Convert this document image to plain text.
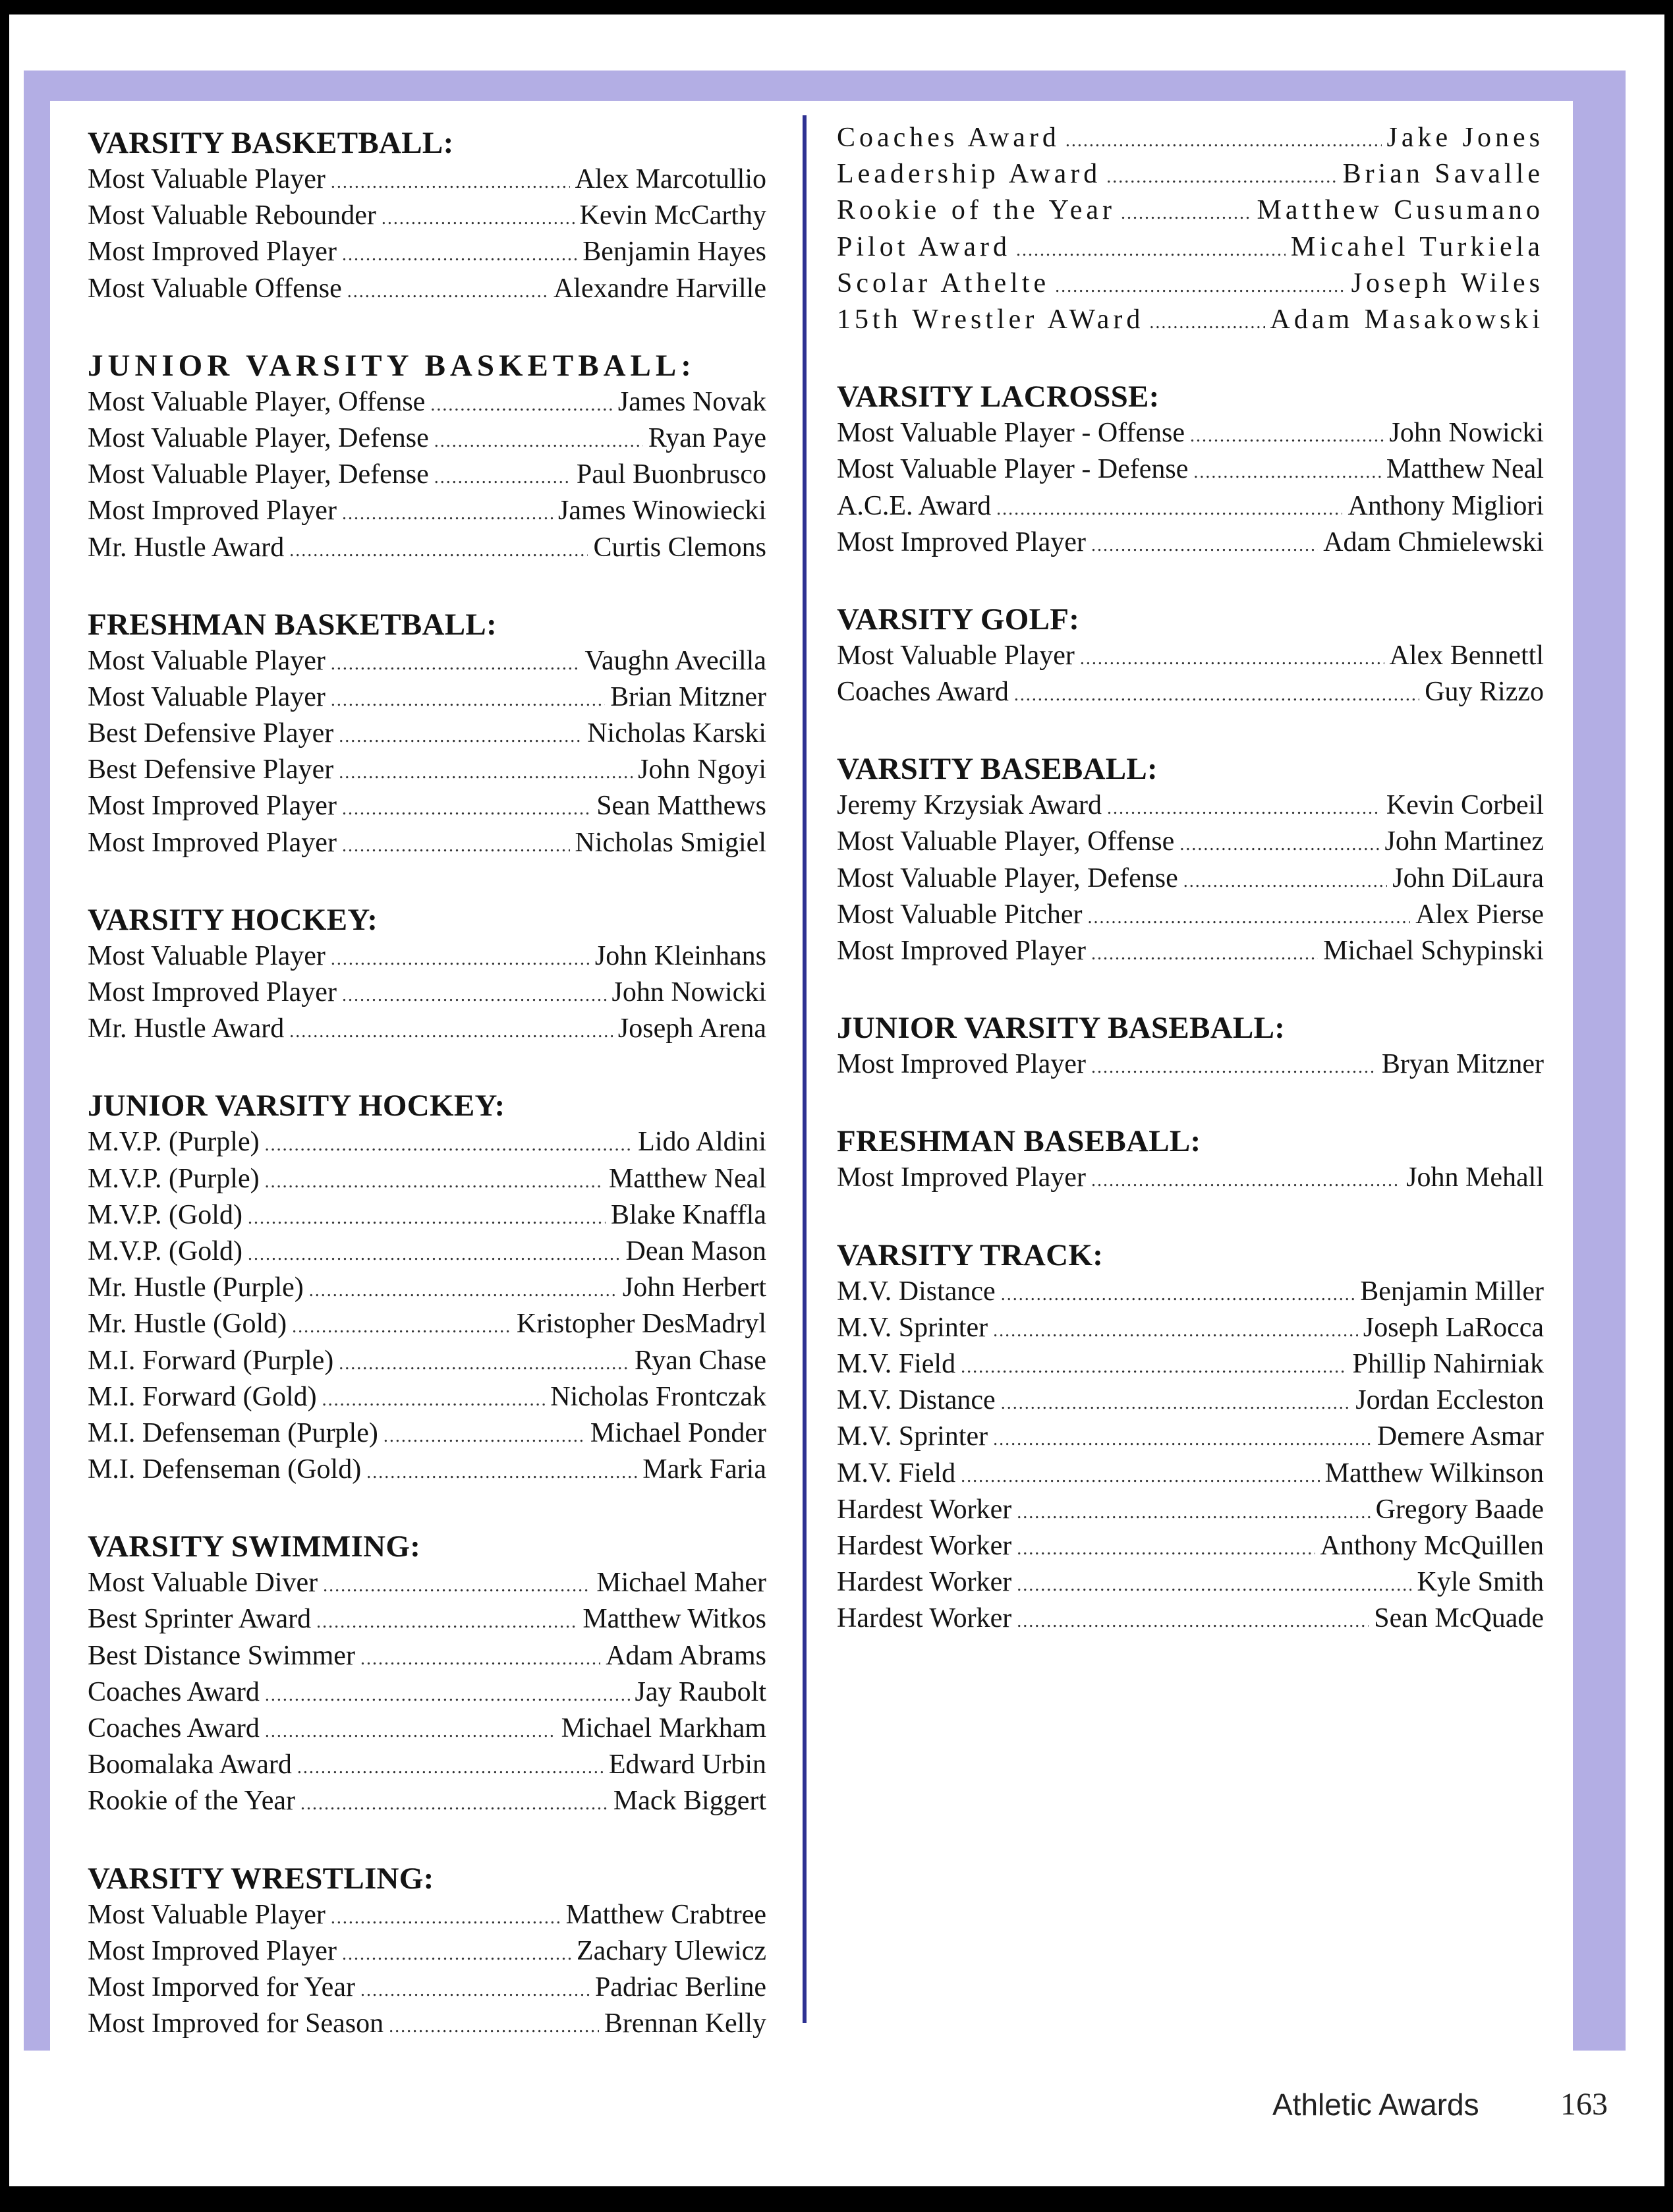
VARSITY BASKETBALL:
Most Valuable Player .....	Alex Marcotullio
Most Valuable Rebounder .....	Kevin McCarthy
Most Improved Player .....	Benjamin Hayes
Most Valuable Offense .....	Alexandre Harville
JUNIOR VARSITY BASKETBALL:
Most Valuable Player, Offense .....	James Novak
Most Valuable Player, Defense .....	Ryan Paye
Most Valuable Player, Defense .....	Paul Buonbrusco
Most Improved Player .....	James Winowiecki
Mr. Hustle Award .....	Curtis Clemons
FRESHMAN BASKETBALL:
Most Valuable Player .....	Vaughn Avecilla
Most Valuable Player .....	Brian Mitzner
Best Defensive Player .....	Nicholas Karski
Best Defensive Player .....	John Ngoyi
Most Improved Player .....	Sean Matthews
Most Improved Player .....	Nicholas Smigiel
VARSITY HOCKEY:
Most Valuable Player .....	John Kleinhans
Most Improved Player .....	John Nowicki
Mr. Hustle Award .....	Joseph Arena
JUNIOR VARSITY HOCKEY:
M.V.P. (Purple) .....	Lido Aldini
M.V.P. (Purple) .....	Matthew Neal
M.V.P. (Gold) .....	Blake Knaffla
M.V.P. (Gold) .....	Dean Mason
Mr. Hustle (Purple) .....	John Herbert
Mr. Hustle (Gold) .....	Kristopher DesMadryl
M.I. Forward (Purple) .....	Ryan Chase
M.I. Forward (Gold) .....	Nicholas Frontczak
M.I. Defenseman (Purple) .....	Michael Ponder
M.I. Defenseman (Gold) .....	Mark Faria
VARSITY SWIMMING:
Most Valuable Diver .....	Michael Maher
Best Sprinter Award .....	Matthew Witkos
Best Distance Swimmer .....	Adam Abrams
Coaches Award .....	Jay Raubolt
Coaches Award .....	Michael Markham
Boomalaka Award .....	Edward Urbin
Rookie of the Year .....	Mack Biggert
VARSITY WRESTLING:
Most Valuable Player .....	Matthew Crabtree
Most Improved Player .....	Zachary Ulewicz
Most Imporved for Year .....	Padriac Berline
Most Improved for Season .....	Brennan Kelly
Coaches Award .....	Jake Jones
Leadership Award .....	Brian Savalle
Rookie of the Year .....	Matthew Cusumano
Pilot Award .....	Micahel Turkiela
Scolar Athelte .....	Joseph Wiles
15th Wrestler AWard .....	Adam Masakowski
VARSITY LACROSSE:
Most Valuable Player - Offense .....	John Nowicki
Most Valuable Player - Defense .....	Matthew Neal
A.C.E. Award .....	Anthony Migliori
Most Improved Player .....	Adam Chmielewski
VARSITY GOLF:
Most Valuable Player .....	Alex Bennettl
Coaches Award .....	Guy Rizzo
VARSITY BASEBALL:
Jeremy Krzysiak Award .....	Kevin Corbeil
Most Valuable Player, Offense .....	John Martinez
Most Valuable Player, Defense .....	John DiLaura
Most Valuable Pitcher .....	Alex Pierse
Most Improved Player .....	Michael Schypinski
JUNIOR VARSITY BASEBALL:
Most Improved Player .....	Bryan Mitzner
FRESHMAN BASEBALL:
Most Improved Player .....	John Mehall
VARSITY TRACK:
M.V. Distance .....	Benjamin Miller
M.V. Sprinter .....	Joseph LaRocca
M.V. Field .....	Phillip Nahirniak
M.V. Distance .....	Jordan Eccleston
M.V. Sprinter .....	Demere Asmar
M.V. Field .....	Matthew Wilkinson
Hardest Worker .....	Gregory Baade
Hardest Worker .....	Anthony McQuillen
Hardest Worker .....	Kyle Smith
Hardest Worker .....	Sean McQuade
Athletic Awards	163
